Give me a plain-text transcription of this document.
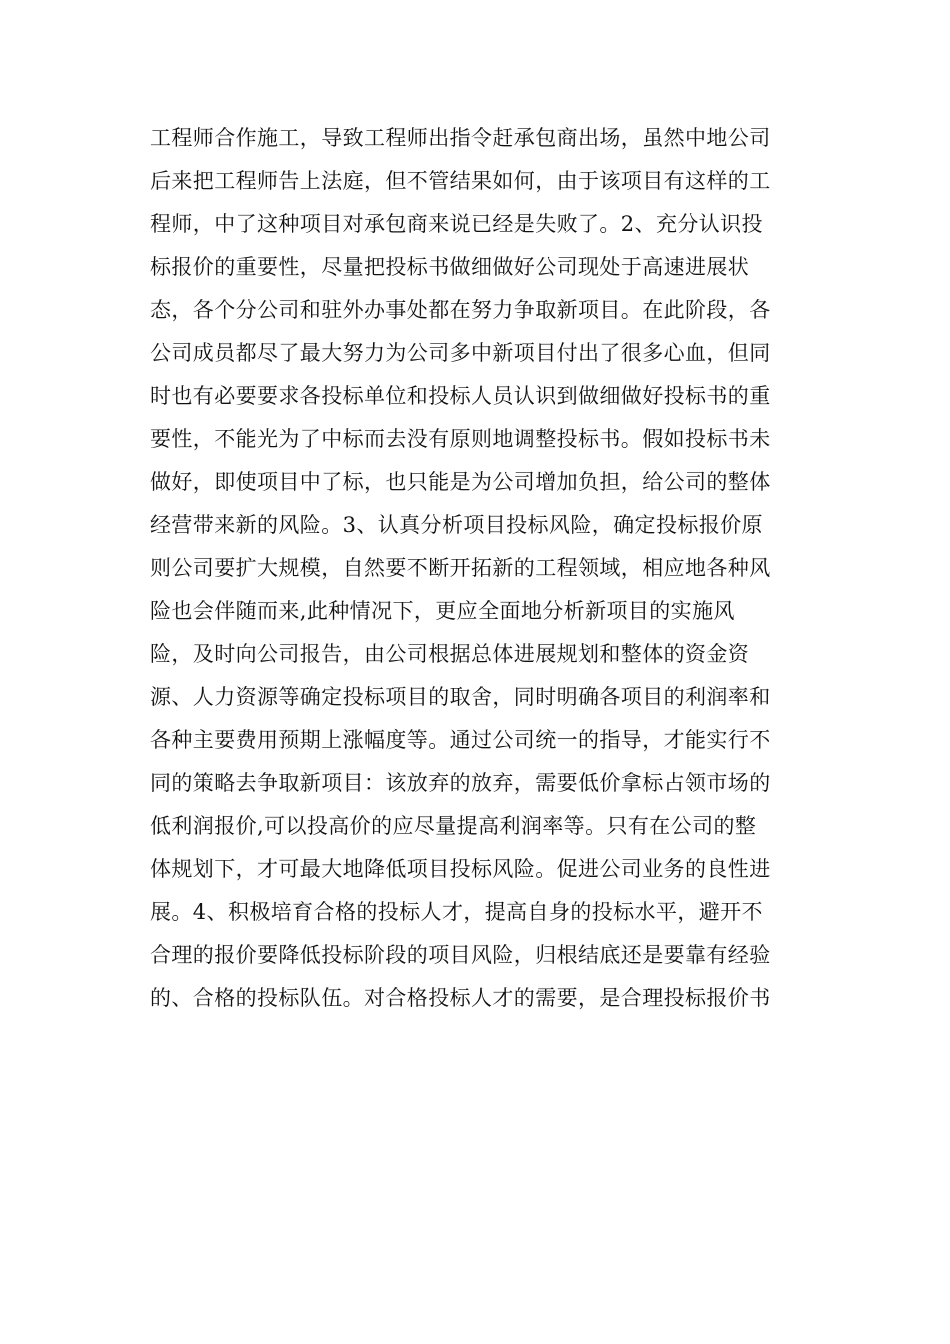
工程师合作施工，导致工程师出指令赶承包商出场，虽然中地公司
后来把工程师告上法庭，但不管结果如何，由于该项目有这样的工
程师，中了这种项目对承包商来说已经是失败了。2、充分认识投
标报价的重要性，尽量把投标书做细做好公司现处于高速进展状
态，各个分公司和驻外办事处都在努力争取新项目。在此阶段，各
公司成员都尽了最大努力为公司多中新项目付出了很多心血，但同
时也有必要要求各投标单位和投标人员认识到做细做好投标书的重
要性，不能光为了中标而去没有原则地调整投标书。假如投标书未
做好，即使项目中了标，也只能是为公司增加负担，给公司的整体
经营带来新的风险。3、认真分析项目投标风险，确定投标报价原
则公司要扩大规模，自然要不断开拓新的工程领域，相应地各种风
险也会伴随而来,此种情况下，更应全面地分析新项目的实施风
险，及时向公司报告，由公司根据总体进展规划和整体的资金资
源、人力资源等确定投标项目的取舍，同时明确各项目的利润率和
各种主要费用预期上涨幅度等。通过公司统一的指导，才能实行不
同的策略去争取新项目：该放弃的放弃，需要低价拿标占领市场的
低利润报价,可以投高价的应尽量提高利润率等。只有在公司的整
体规划下，才可最大地降低项目投标风险。促进公司业务的良性进
展。4、积极培育合格的投标人才，提高自身的投标水平，避开不
合理的报价要降低投标阶段的项目风险，归根结底还是要靠有经验
的、合格的投标队伍。对合格投标人才的需要，是合理投标报价书
